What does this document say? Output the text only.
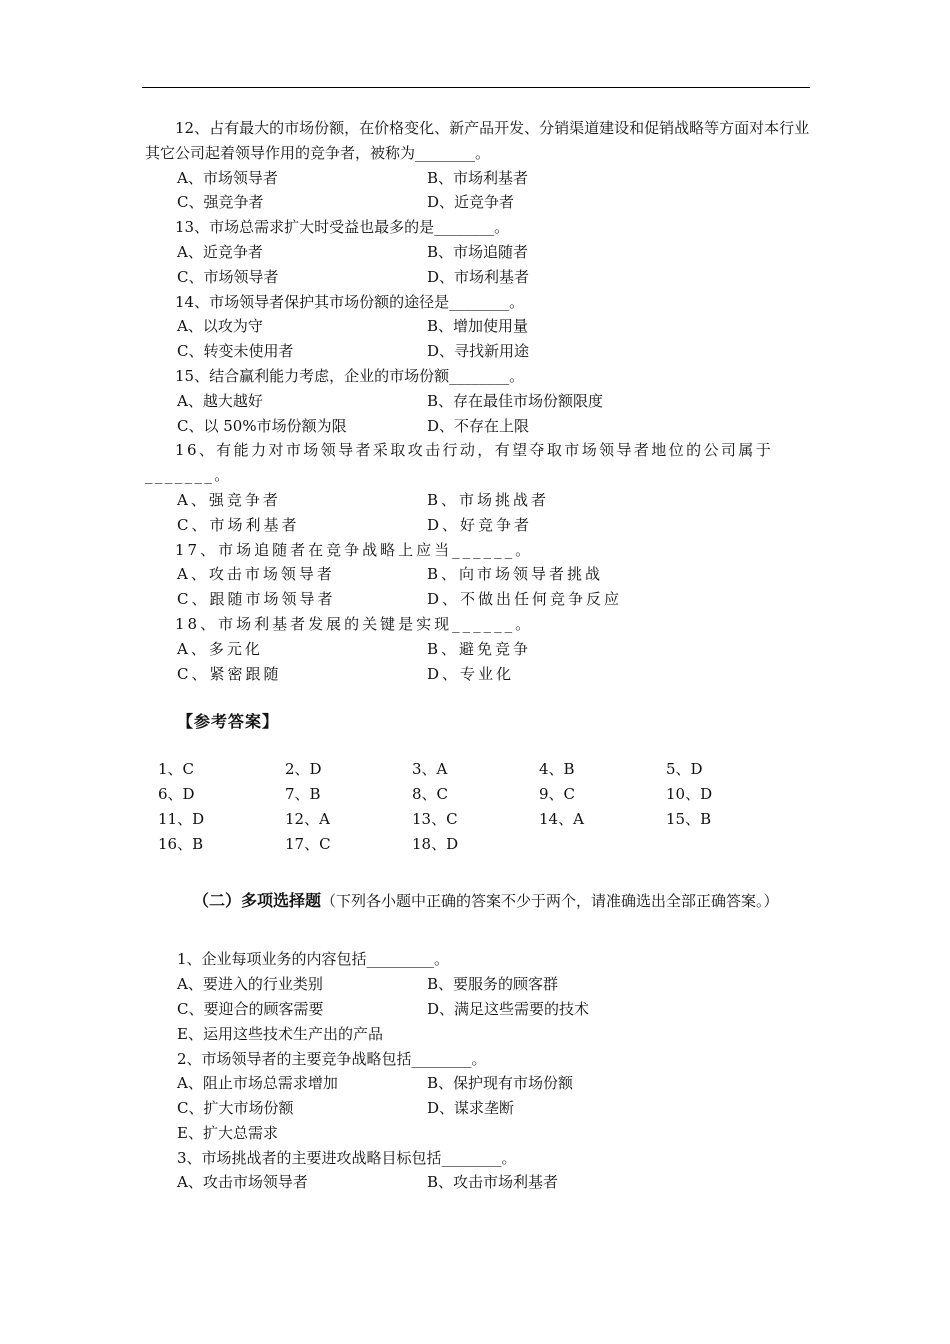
12、占有最大的市场份额，在价格变化、新产品开发、分销渠道建设和促销战略等方面对本行业其它公司起着领导作用的竞争者，被称为________。

A、市场领导者	B、市场利基者
C、强竞争者	D、近竞争者

13、市场总需求扩大时受益也最多的是________。

A、近竞争者	B、市场追随者
C、市场领导者	D、市场利基者

14、市场领导者保护其市场份额的途径是________。

A、以攻为守	B、增加使用量
C、转变未使用者	D、寻找新用途

15、结合赢利能力考虑，企业的市场份额________。

A、越大越好	B、存在最佳市场份额限度
C、以 50%市场份额为限	D、不存在上限

16、有能力对市场领导者采取攻击行动，有望夺取市场领导者地位的公司属于_______。

A、强竞争者	B、市场挑战者
C、市场利基者	D、好竞争者

17、市场追随者在竞争战略上应当______。

A、攻击市场领导者	B、向市场领导者挑战
C、跟随市场领导者	D、不做出任何竞争反应

18、市场利基者发展的关键是实现______。

A、多元化	B、避免竞争
C、紧密跟随	D、专业化
【参考答案】
1、C	2、D	3、A	4、B	5、D
6、D	7、B	8、C	9、C	10、D
11、D	12、A	13、C	14、A	15、B
16、B	17、C	18、D

（二）多项选择题（下列各小题中正确的答案不少于两个，请准确选出全部正确答案。）

1、企业每项业务的内容包括_________。

A、要进入的行业类别	B、要服务的顾客群
C、要迎合的顾客需要	D、满足这些需要的技术
E、运用这些技术生产出的产品

2、市场领导者的主要竞争战略包括________。

A、阻止市场总需求增加	B、保护现有市场份额
C、扩大市场份额	D、谋求垄断
E、扩大总需求

3、市场挑战者的主要进攻战略目标包括________。

A、攻击市场领导者	B、攻击市场利基者
